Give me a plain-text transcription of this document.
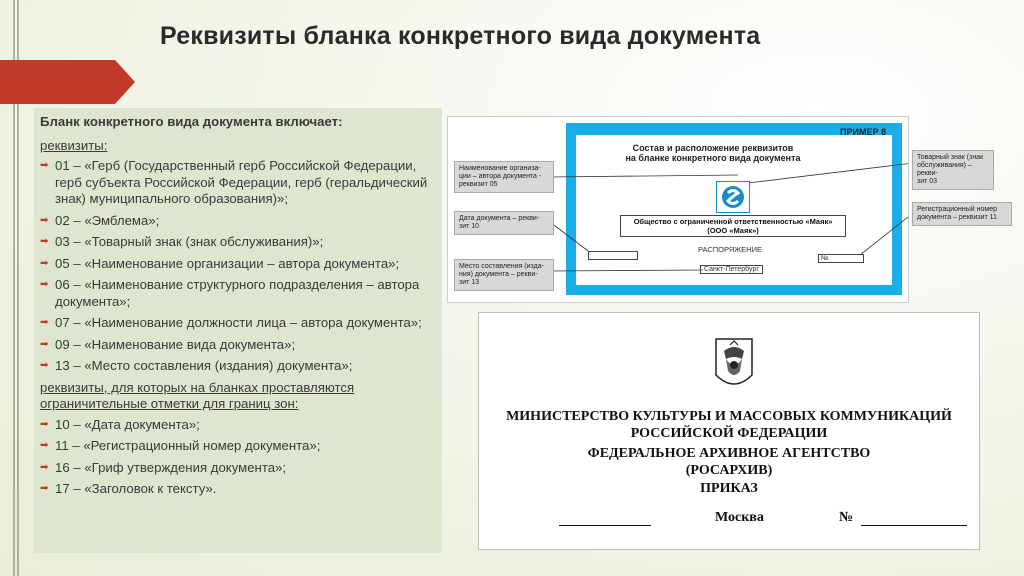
Реквизиты бланка конкретного вида документа
Бланк конкретного вида документа включает:
реквизиты:
➡ 01 – «Герб (Государственный герб Российской Федерации, герб субъекта Российской Федерации, герб (геральдический знак) муниципального образования)»;
➡ 02 – «Эмблема»;
➡ 03 – «Товарный знак (знак обслуживания)»;
➡ 05 – «Наименование организации – автора документа»;
➡ 06 – «Наименование структурного подразделения – автора документа»;
➡ 07 – «Наименование должности лица – автора документа»;
➡ 09 – «Наименование вида документа»;
➡ 13 – «Место составления (издания) документа»;
реквизиты, для которых на бланках проставляются ограничительные отметки для границ зон:
➡ 10 – «Дата документа»;
➡ 11 – «Регистрационный номер документа»;
➡ 16 – «Гриф утверждения документа»;
➡ 17 – «Заголовок к тексту».
ПРИМЕР 8
Состав и расположение реквизитов
на бланке конкретного вида документа
Наименование организа-
ции – автора документа -
реквизит 05
Дата документа – рекви-
зит 10
Место составления (изда-
ния) документа – рекви-
зит 13
Общество с ограниченной ответственностью «Маяк»
(ООО «Маяк»)
РАСПОРЯЖЕНИЕ
№
Санкт-Петербург
Товарный знак (знак
обслуживания) – рекви-
зит 03
Регистрационный номер
документа – реквизит 11
МИНИСТЕРСТВО КУЛЬТУРЫ И МАССОВЫХ КОММУНИКАЦИЙ
РОССИЙСКОЙ ФЕДЕРАЦИИ
ФЕДЕРАЛЬНОЕ АРХИВНОЕ АГЕНТСТВО
(РОСАРХИВ)
ПРИКАЗ
Москва	№
